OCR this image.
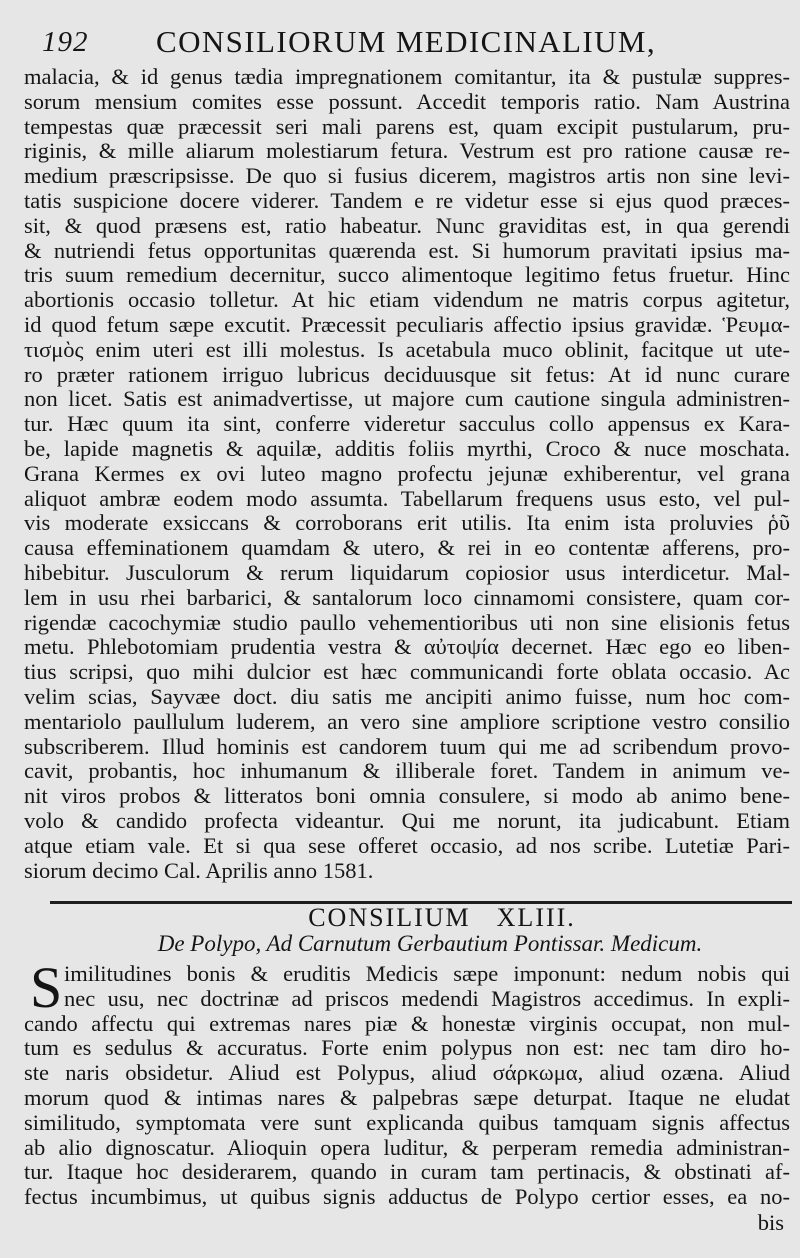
192 CONSILIORUM MEDICINALIUM,
malacia, & id genus tædia impregnationem comitantur, ita & pustulæ suppres-
sorum mensium comites esse possunt. Accedit temporis ratio. Nam Austrina
tempestas quæ præcessit seri mali parens est, quam excipit pustularum, pru-
riginis, & mille aliarum molestiarum fetura. Vestrum est pro ratione causæ re-
medium præscripsisse. De quo si fusius dicerem, magistros artis non sine levi-
tatis suspicione docere viderer. Tandem e re videtur esse si ejus quod præces-
sit, & quod præsens est, ratio habeatur. Nunc graviditas est, in qua gerendi
& nutriendi fetus opportunitas quærenda est. Si humorum pravitati ipsius ma-
tris suum remedium decernitur, succo alimentoque legitimo fetus fruetur. Hinc
abortionis occasio tolletur. At hic etiam videndum ne matris corpus agitetur,
id quod fetum sæpe excutit. Præcessit peculiaris affectio ipsius gravidæ. Ῥευμα-
τισμὸς enim uteri est illi molestus. Is acetabula muco oblinit, facitque ut ute-
ro præter rationem irriguo lubricus deciduusque sit fetus: At id nunc curare
non licet. Satis est animadvertisse, ut majore cum cautione singula administren-
tur. Hæc quum ita sint, conferre videretur sacculus collo appensus ex Kara-
be, lapide magnetis & aquilæ, additis foliis myrthi, Croco & nuce moschata.
Grana Kermes ex ovi luteo magno profectu jejunæ exhiberentur, vel grana
aliquot ambræ eodem modo assumta. Tabellarum frequens usus esto, vel pul-
vis moderate exsiccans & corroborans erit utilis. Ita enim ista proluvies ῥῦ
causa effeminationem quamdam & utero, & rei in eo contentæ afferens, pro-
hibebitur. Jusculorum & rerum liquidarum copiosior usus interdicetur. Mal-
lem in usu rhei barbarici, & santalorum loco cinnamomi consistere, quam cor-
rigendæ cacochymiæ studio paullo vehementioribus uti non sine elisionis fetus
metu. Phlebotomiam prudentia vestra & αὐτοψία decernet. Hæc ego eo liben-
tius scripsi, quo mihi dulcior est hæc communicandi forte oblata occasio. Ac
velim scias, Sayvæe doct. diu satis me ancipiti animo fuisse, num hoc com-
mentariolo paullulum luderem, an vero sine ampliore scriptione vestro consilio
subscriberem. Illud hominis est candorem tuum qui me ad scribendum provo-
cavit, probantis, hoc inhumanum & illiberale foret. Tandem in animum ve-
nit viros probos & litteratos boni omnia consulere, si modo ab animo bene-
volo & candido profecta videantur. Qui me norunt, ita judicabunt. Etiam
atque etiam vale. Et si qua sese offeret occasio, ad nos scribe. Lutetiæ Pari-
siorum decimo Cal. Aprilis anno 1581.
CONSILIUM XLIII.
De Polypo, Ad Carnutum Gerbautium Pontissar. Medicum.
S imilitudines bonis & eruditis Medicis sæpe imponunt: nedum nobis qui
nec usu, nec doctrinæ ad priscos medendi Magistros accedimus. In expli-
cando affectu qui extremas nares piæ & honestæ virginis occupat, non mul-
tum es sedulus & accuratus. Forte enim polypus non est: nec tam diro ho-
ste naris obsidetur. Aliud est Polypus, aliud σάρκωμα, aliud ozæna. Aliud
morum quod & intimas nares & palpebras sæpe deturpat. Itaque ne eludat
similitudo, symptomata vere sunt explicanda quibus tamquam signis affectus
ab alio dignoscatur. Alioquin opera luditur, & perperam remedia administran-
tur. Itaque hoc desiderarem, quando in curam tam pertinacis, & obstinati af-
fectus incumbimus, ut quibus signis adductus de Polypo certior esses, ea no-
bis
